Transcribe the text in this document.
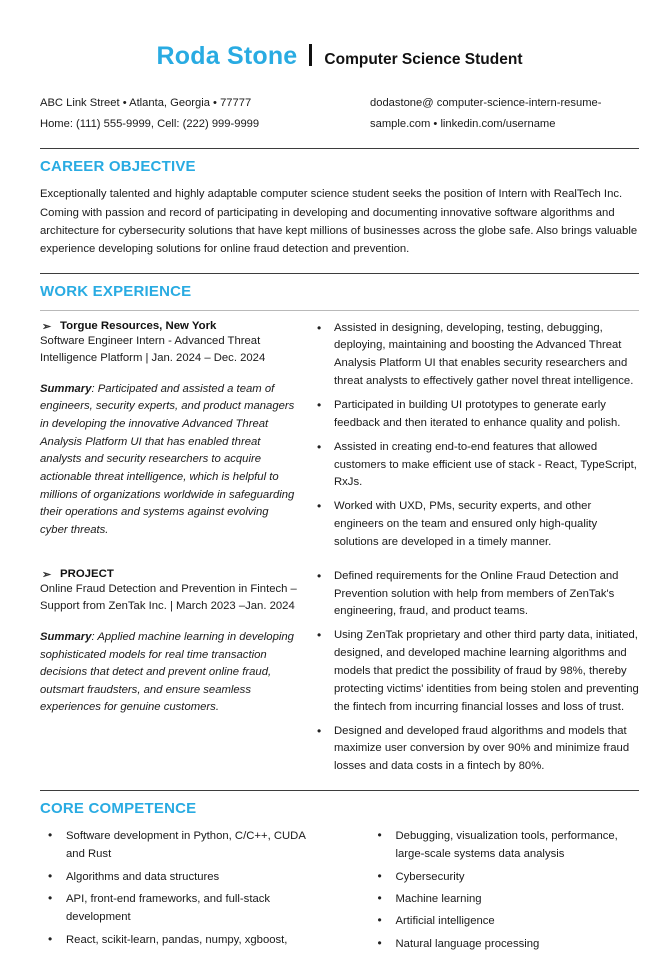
Roda Stone Computer Science Student
ABC Link Street • Atlanta, Georgia • 77777
Home: (111) 555-9999, Cell: (222) 999-9999
dodastone@ computer-science-intern-resume-sample.com • linkedin.com/username
CAREER OBJECTIVE
Exceptionally talented and highly adaptable computer science student seeks the position of Intern with RealTech Inc. Coming with passion and record of participating in developing and documenting innovative software algorithms and architecture for cybersecurity solutions that have kept millions of businesses across the globe safe. Also brings valuable experience developing solutions for online fraud detection and prevention.
WORK EXPERIENCE
➢ Torgue Resources, New York
Software Engineer Intern - Advanced Threat Intelligence Platform | Jan. 2024 – Dec. 2024
Summary: Participated and assisted a team of engineers, security experts, and product managers in developing the innovative Advanced Threat Analysis Platform UI that has enabled threat analysts and security researchers to acquire actionable threat intelligence, which is helpful to millions of organizations worldwide in safeguarding their operations and systems against evolving cyber threats.
• Assisted in designing, developing, testing, debugging, deploying, maintaining and boosting the Advanced Threat Analysis Platform UI that enables security researchers and threat analysts to effectively gather novel threat intelligence.
• Participated in building UI prototypes to generate early feedback and then iterated to enhance quality and polish.
• Assisted in creating end-to-end features that allowed customers to make efficient use of stack - React, TypeScript, RxJs.
• Worked with UXD, PMs, security experts, and other engineers on the team and ensured only high-quality solutions are developed in a timely manner.
➢ PROJECT
Online Fraud Detection and Prevention in Fintech – Support from ZenTak Inc. | March 2023 –Jan. 2024
Summary: Applied machine learning in developing sophisticated models for real time transaction decisions that detect and prevent online fraud, outsmart fraudsters, and ensure seamless experiences for genuine customers.
• Defined requirements for the Online Fraud Detection and Prevention solution with help from members of ZenTak's engineering, fraud, and product teams.
• Using ZenTak proprietary and other third party data, initiated, designed, and developed machine learning algorithms and models that predict the possibility of fraud by 98%, thereby protecting victims' identities from being stolen and preventing the fintech from incurring financial losses and loss of trust.
• Designed and developed fraud algorithms and models that maximize user conversion by over 90% and minimize fraud losses and data costs in a fintech by 80%.
CORE COMPETENCE
• Software development in Python, C/C++, CUDA and Rust
• Algorithms and data structures
• API, front-end frameworks, and full-stack development
• React, scikit-learn, pandas, numpy, xgboost,
• Debugging, visualization tools, performance, large-scale systems data analysis
• Cybersecurity
• Machine learning
• Artificial intelligence
• Natural language processing
